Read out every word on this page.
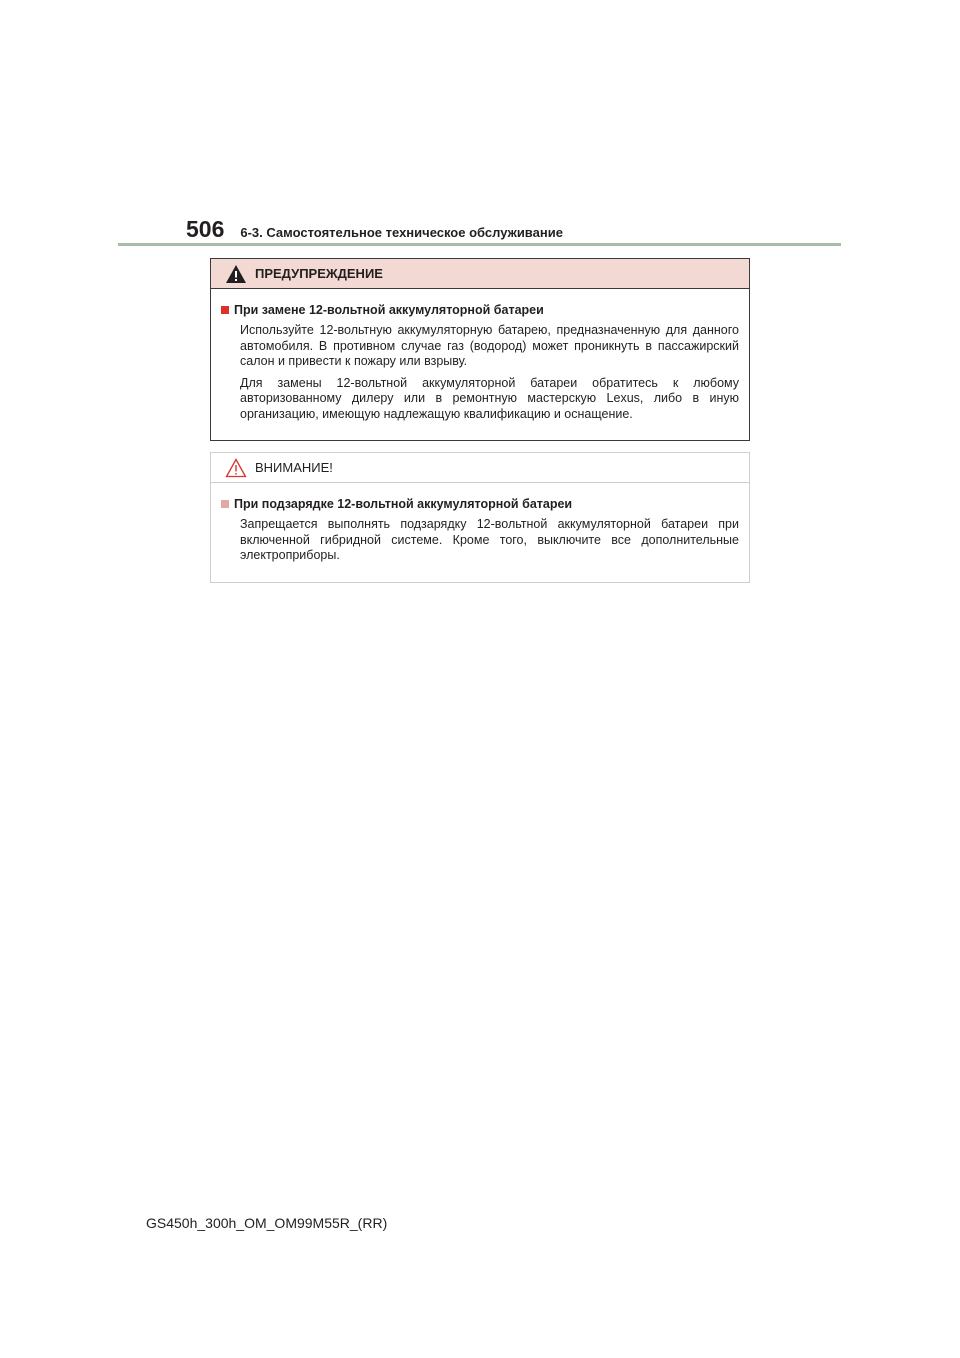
506 6-3. Самостоятельное техническое обслуживание
ПРЕДУПРЕЖДЕНИЕ
При замене 12-вольтной аккумуляторной батареи

Используйте 12-вольтную аккумуляторную батарею, предназначенную для данного автомобиля. В противном случае газ (водород) может проникнуть в пассажирский салон и привести к пожару или взрыву.

Для замены 12-вольтной аккумуляторной батареи обратитесь к любому авторизованному дилеру или в ремонтную мастерскую Lexus, либо в иную организацию, имеющую надлежащую квалификацию и оснащение.

ВНИМАНИЕ!
При подзарядке 12-вольтной аккумуляторной батареи

Запрещается выполнять подзарядку 12-вольтной аккумуляторной батареи при включенной гибридной системе. Кроме того, выключите все дополнительные электроприборы.

GS450h_300h_OM_OM99M55R_(RR)
